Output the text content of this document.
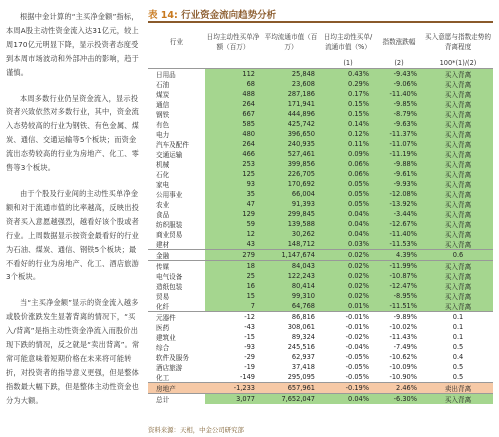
根据中金计算的“主买净金额”指标，本周A股主动性资金流入达31亿元，较上周170亿元明显下降，显示投资者态度受到本周市场波动和外部冲击的影响，趋于谨慎。

本周多数行业仍呈资金流入，显示投资者兴致依然对多数行业，其中，资金流入态势较高的行业为钢铁、有色金属、煤炭、通信、交通运输等5个板块；而资金流出态势较高的行业为房地产、化工、零售等3个板块。

由于个股及行业间的主动性买单净金额和对于流通市值的比率越高，反映出投资者买入意愿越强烈，越看好该个股或者行业。上周数据显示按资金最看好的行业为石油、煤炭、通信、钢铁5个板块；最不看好的行业为房地产、化工、酒店旅游3个板块。

当“主买净金额”显示的资金流入越多或股价涨跌发生显著背离的情况下，“买入/背离”是指主动性资金净流入而股价出现下跌的情况，反之就是“卖出背离”。常常可能意味着短期价格在未来将可能转折，对投资者的指导意义更强，但是整体指数最大幅下跌，但是整体主动性资金也分为大额。

表 14: 行业资金流向趋势分析
行业	日均主动性买单净额（百万）	平均流通市值（百万）	日均主动性买单/流通市值（%）	指数涨跌幅	买入意愿与指数走势的背离程度
			(1)	(2)	100*(1)/(2)
日用品	112	25,848	0.43%	-9.43%	买入背离
石油	68	23,608	0.29%	-9.06%	买入背离
煤炭	488	287,186	0.17%	-11.40%	买入背离
通信	264	171,941	0.15%	-9.85%	买入背离
钢铁	667	444,896	0.15%	-8.79%	买入背离
有色	585	425,742	0.14%	-9.63%	买入背离
电力	480	396,650	0.12%	-11.37%	买入背离
汽车及配件	264	240,935	0.11%	-11.07%	买入背离
交通运输	466	527,461	0.09%	-11.19%	买入背离
机械	253	399,856	0.06%	-9.88%	买入背离
石化	125	226,705	0.06%	-9.61%	买入背离
家电	93	170,692	0.05%	-9.93%	买入背离
公用事业	35	66,004	0.05%	-12.08%	买入背离
农业	47	91,393	0.05%	-13.92%	买入背离
食品	129	299,845	0.04%	-3.44%	买入背离
纺织服装	59	139,588	0.04%	-12.67%	买入背离
商业贸易	12	30,262	0.04%	-11.40%	买入背离
建材	43	148,712	0.03%	-11.53%	买入背离
金融	279	1,147,674	0.02%	4.39%	0.6
传媒	18	84,043	0.02%	-11.99%	买入背离
电气设备	25	122,243	0.02%	-10.87%	买入背离
造纸包装	16	80,414	0.02%	-12.47%	买入背离
贸易	15	99,310	0.02%	-8.95%	买入背离
化纤	7	64,768	0.01%	-11.51%	买入背离
元器件	-12	86,816	-0.01%	-9.89%	0.1
医药	-43	308,061	-0.01%	-10.02%	0.1
建筑业	-15	89,324	-0.02%	-11.43%	0.1
综合	-93	245,516	-0.04%	-7.49%	0.5
软件及服务	-29	62,937	-0.05%	-10.62%	0.4
酒店旅游	-19	37,418	-0.05%	-10.09%	0.5
化工	-149	295,095	-0.05%	-10.90%	0.5
房地产	-1,233	657,961	-0.19%	2.46%	卖出背离
总计	3,077	7,652,047	0.04%	-6.30%	买入背离
资料来源：天相，中金公司研究部
